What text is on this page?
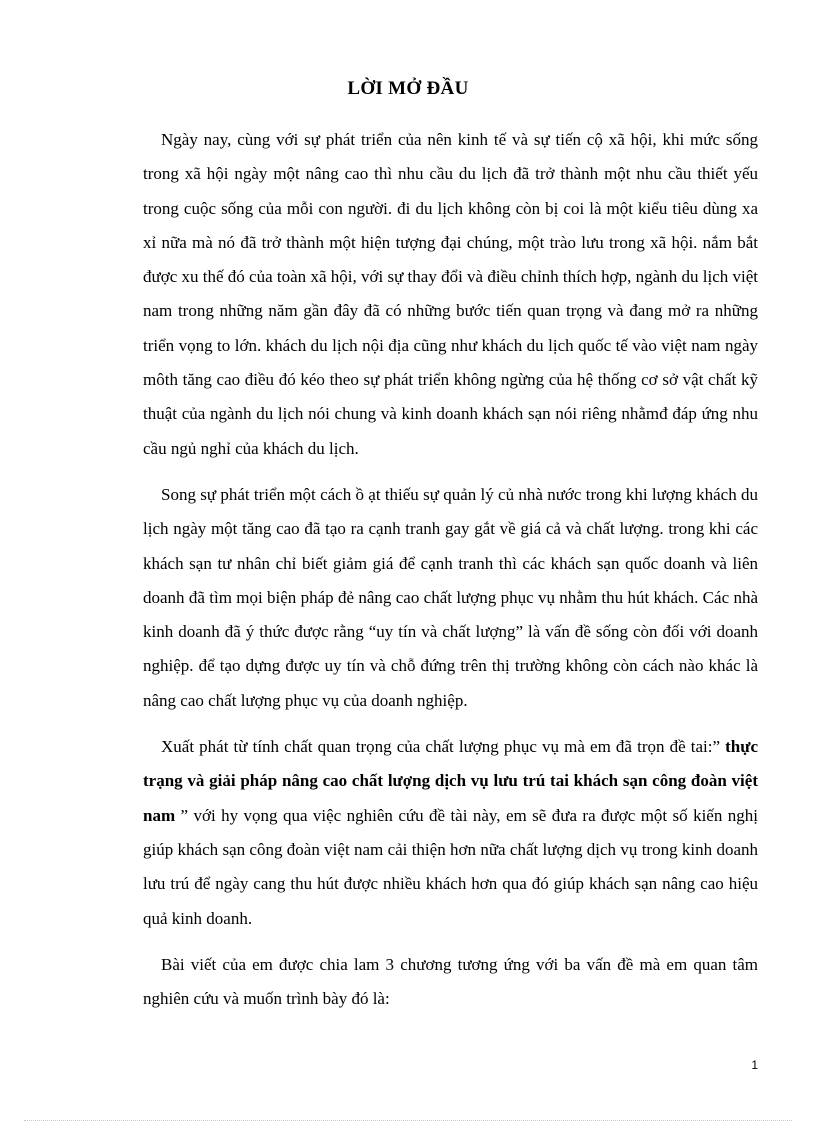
LỜI MỞ ĐẦU

Ngày nay, cùng với sự phát triển của nên kinh tế và sự tiến cộ xã hội, khi mức sống trong xã hội ngày một nâng cao thì nhu cầu du lịch đã trở thành một nhu cầu thiết yếu trong cuộc sống của mỗi con người. đi du lịch không còn bị coi là một kiểu tiêu dùng xa xỉ nữa mà nó đã trở thành một hiện tượng đại chúng, một trào lưu trong xã hội. nắm bắt được xu thế đó của toàn xã hội, với sự thay đổi và điều chỉnh thích hợp, ngành du lịch việt nam trong những năm gần đây đã có những bước tiến quan trọng và đang mở ra những triển vọng to lớn. khách du lịch nội địa cũng như khách du lịch quốc tế vào việt nam ngày môth tăng cao điều đó kéo theo sự phát triển không ngừng của hệ thống cơ sở vật chất kỹ thuật của ngành du lịch nói chung và kinh doanh khách sạn nói riêng nhằmđ đáp ứng nhu cầu ngủ nghỉ của khách du lịch.

Song sự phát triển một cách ồ ạt thiếu sự quản lý củ nhà nước trong khi lượng khách du lịch ngày một tăng cao đã tạo ra cạnh tranh gay gắt về giá cả và chất lượng. trong khi các khách sạn tư nhân chỉ biết giảm giá để cạnh tranh thì các khách sạn quốc doanh và liên doanh đã tìm mọi biện pháp đẻ nâng cao chất lượng phục vụ nhằm thu hút khách. Các nhà kinh doanh đã ý thức được rằng “uy tín và chất lượng” là vấn đề sống còn đối với doanh nghiệp. để tạo dựng được uy tín và chỗ đứng trên thị trường không còn cách nào khác là nâng cao chất lượng phục vụ của doanh nghiệp.

Xuất phát từ tính chất quan trọng của chất lượng phục vụ mà em đã trọn đề tai:” thực trạng và giải pháp nâng cao chất lượng dịch vụ lưu trú tai khách sạn công đoàn việt nam ” với hy vọng qua việc nghiên cứu đề tài này, em sẽ đưa ra được một số kiến nghị giúp khách sạn công đoàn việt nam cải thiện hơn nữa chất lượng dịch vụ trong kinh doanh lưu trú để ngày cang thu hút được nhiều khách hơn qua đó giúp khách sạn nâng cao hiệu quả kinh doanh.

Bài viết của em được chia lam 3 chương tương ứng với ba vấn đề mà em quan tâm nghiên cứu và muốn trình bày đó là:

1
